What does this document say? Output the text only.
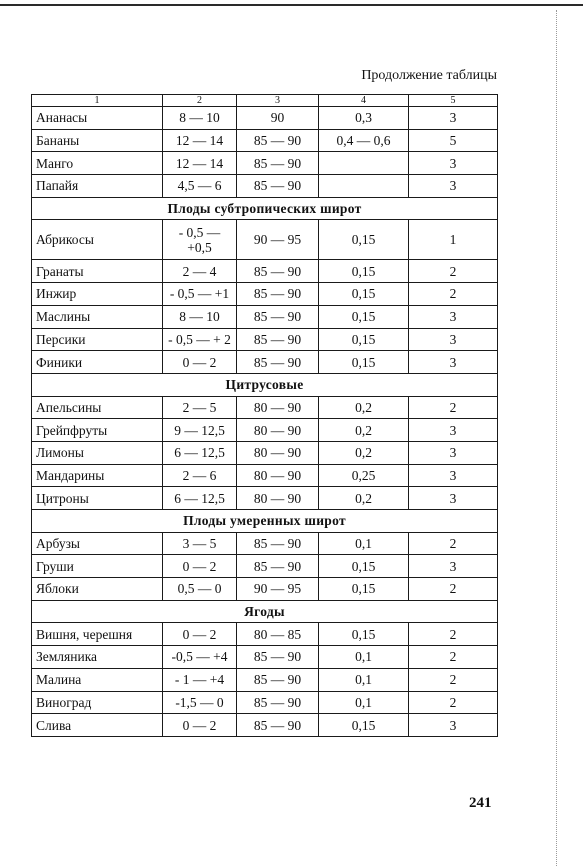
Продолжение таблицы
1	2	3	4	5
Ананасы	8 — 10	90	0,3	3
Бананы	12 — 14	85 — 90	0,4 — 0,6	5
Манго	12 — 14	85 — 90		3
Папайя	4,5 — 6	85 — 90		3
Плоды субтропических широт				
Абрикосы	- 0,5 — +0,5	90 — 95	0,15	1
Гранаты	2 — 4	85 — 90	0,15	2
Инжир	- 0,5 — +1	85 — 90	0,15	2
Маслины	8 — 10	85 — 90	0,15	3
Персики	- 0,5 — + 2	85 — 90	0,15	3
Финики	0 — 2	85 — 90	0,15	3
Цитрусовые				
Апельсины	2 — 5	80 — 90	0,2	2
Грейпфруты	9 — 12,5	80 — 90	0,2	3
Лимоны	6 — 12,5	80 — 90	0,2	3
Мандарины	2 — 6	80 — 90	0,25	3
Цитроны	6 — 12,5	80 — 90	0,2	3
Плоды умеренных широт				
Арбузы	3 — 5	85 — 90	0,1	2
Груши	0 — 2	85 — 90	0,15	3
Яблоки	0,5 — 0	90 — 95	0,15	2
Ягоды				
Вишня, черешня	0 — 2	80 — 85	0,15	2
Земляника	-0,5 — +4	85 — 90	0,1	2
Малина	- 1 — +4	85 — 90	0,1	2
Виноград	-1,5 — 0	85 — 90	0,1	2
Слива	0 — 2	85 — 90	0,15	3
241
